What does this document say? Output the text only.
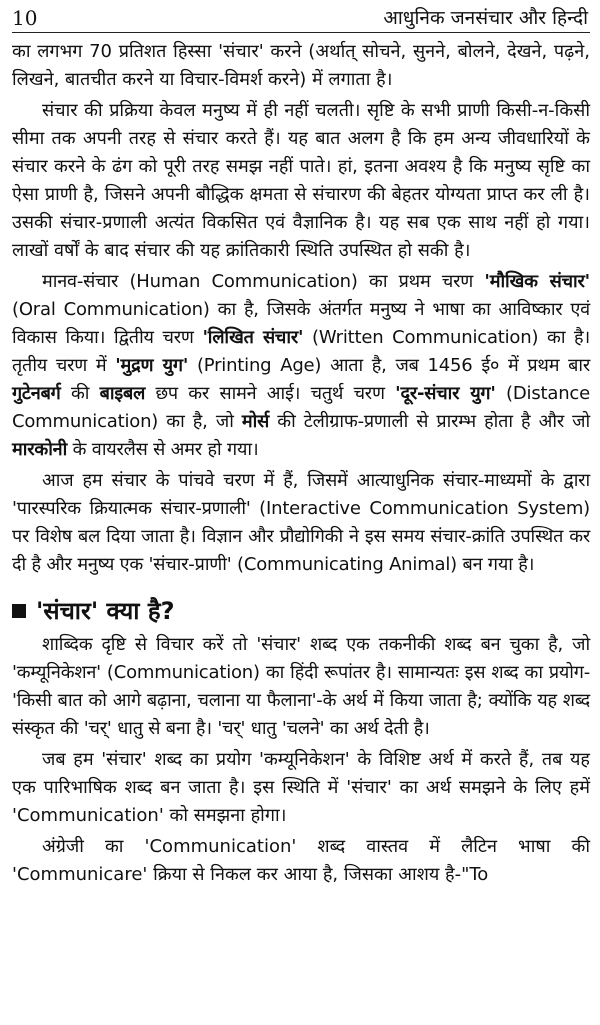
10	आधुनिक जनसंचार और हिन्दी

का लगभग 70 प्रतिशत हिस्सा 'संचार' करने (अर्थात् सोचने, सुनने, बोलने, देखने, पढ़ने, लिखने, बातचीत करने या विचार-विमर्श करने) में लगाता है।

संचार की प्रक्रिया केवल मनुष्य में ही नहीं चलती। सृष्टि के सभी प्राणी किसी-न-किसी सीमा तक अपनी तरह से संचार करते हैं। यह बात अलग है कि हम अन्य जीवधारियों के संचार करने के ढंग को पूरी तरह समझ नहीं पाते। हां, इतना अवश्य है कि मनुष्य सृष्टि का ऐसा प्राणी है, जिसने अपनी बौद्धिक क्षमता से संचारण की बेहतर योग्यता प्राप्त कर ली है। उसकी संचार-प्रणाली अत्यंत विकसित एवं वैज्ञानिक है। यह सब एक साथ नहीं हो गया। लाखों वर्षों के बाद संचार की यह क्रांतिकारी स्थिति उपस्थित हो सकी है।

मानव-संचार (Human Communication) का प्रथम चरण 'मौखिक संचार' (Oral Communication) का है, जिसके अंतर्गत मनुष्य ने भाषा का आविष्कार एवं विकास किया। द्वितीय चरण 'लिखित संचार' (Written Communication) का है। तृतीय चरण में 'मुद्रण युग' (Printing Age) आता है, जब 1456 ई० में प्रथम बार गुटेनबर्ग की बाइबल छप कर सामने आई। चतुर्थ चरण 'दूर-संचार युग' (Distance Communication) का है, जो मोर्स की टेलीग्राफ-प्रणाली से प्रारम्भ होता है और जो मारकोनी के वायरलैस से अमर हो गया।

आज हम संचार के पांचवे चरण में हैं, जिसमें आत्याधुनिक संचार-माध्यमों के द्वारा 'पारस्परिक क्रियात्मक संचार-प्रणाली' (Interactive Communication System) पर विशेष बल दिया जाता है। विज्ञान और प्रौद्योगिकी ने इस समय संचार-क्रांति उपस्थित कर दी है और मनुष्य एक 'संचार-प्राणी' (Communicating Animal) बन गया है।

'संचार' क्या है?

शाब्दिक दृष्टि से विचार करें तो 'संचार' शब्द एक तकनीकी शब्द बन चुका है, जो 'कम्यूनिकेशन' (Communication) का हिंदी रूपांतर है। सामान्यतः इस शब्द का प्रयोग-'किसी बात को आगे बढ़ाना, चलाना या फैलाना'-के अर्थ में किया जाता है; क्योंकि यह शब्द संस्कृत की 'चर्' धातु से बना है। 'चर्' धातु 'चलने' का अर्थ देती है।

जब हम 'संचार' शब्द का प्रयोग 'कम्यूनिकेशन' के विशिष्ट अर्थ में करते हैं, तब यह एक पारिभाषिक शब्द बन जाता है। इस स्थिति में 'संचार' का अर्थ समझने के लिए हमें 'Communication' को समझना होगा।

अंग्रेजी का 'Communication' शब्द वास्तव में लैटिन भाषा की 'Communicare' क्रिया से निकल कर आया है, जिसका आशय है-"To
